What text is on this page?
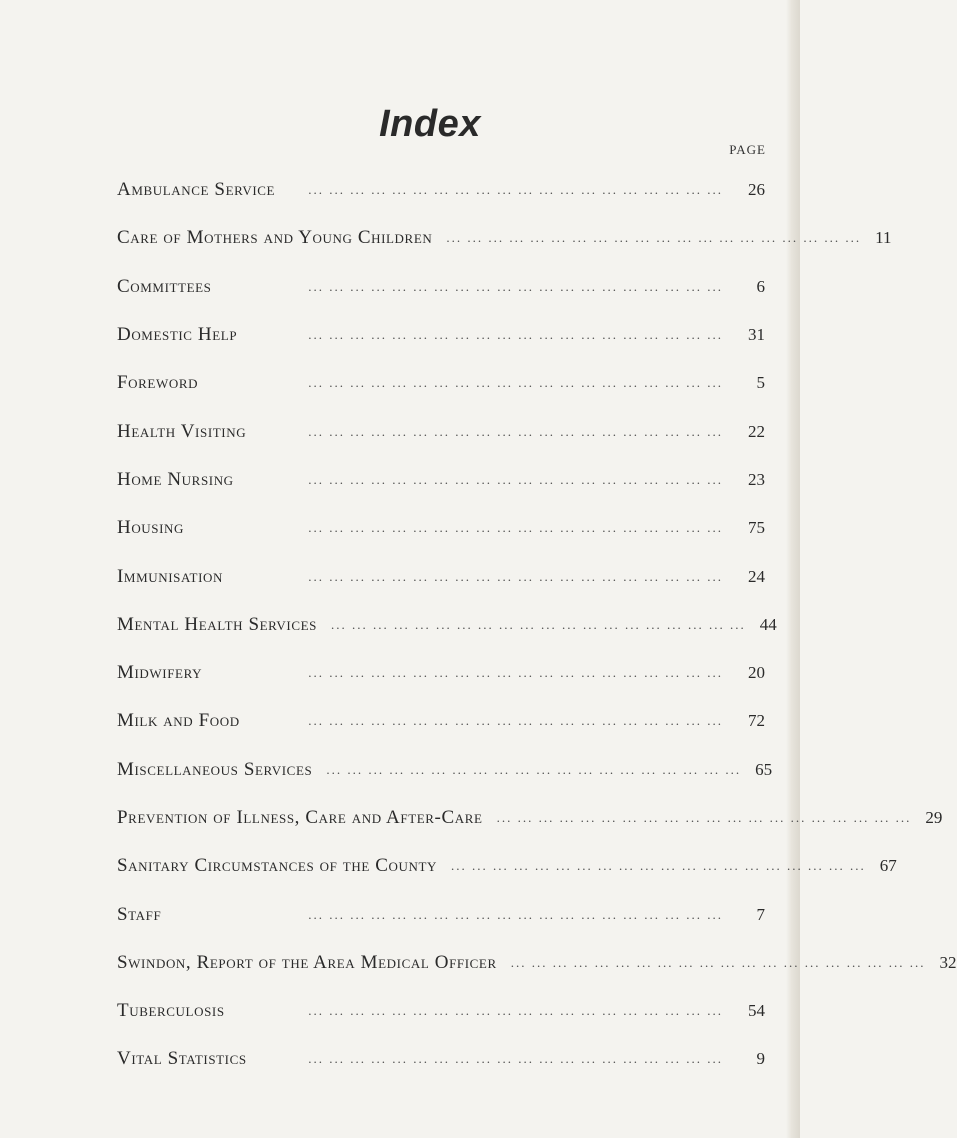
Index
PAGE
Ambulance Service	... ... ... ... ... ... ... ... ... ... ... ... ... ... ... ... ... ... ... ...	26
Care of Mothers and Young Children ... ... ... ... ... ... ... ... ... ... ... ... ... ... ... ... ... ... ... ... 11
Committees	... ... ... ... ... ... ... ... ... ... ... ... ... ... ... ... ... ... ... ...	6
Domestic Help	... ... ... ... ... ... ... ... ... ... ... ... ... ... ... ... ... ... ... ...	31
Foreword	... ... ... ... ... ... ... ... ... ... ... ... ... ... ... ... ... ... ... ...	5
Health Visiting	... ... ... ... ... ... ... ... ... ... ... ... ... ... ... ... ... ... ... ...	22
Home Nursing	... ... ... ... ... ... ... ... ... ... ... ... ... ... ... ... ... ... ... ...	23
Housing	... ... ... ... ... ... ... ... ... ... ... ... ... ... ... ... ... ... ... ...	75
Immunisation	... ... ... ... ... ... ... ... ... ... ... ... ... ... ... ... ... ... ... ...	24
Mental Health Services ... ... ... ... ... ... ... ... ... ... ... ... ... ... ... ... ... ... ... ... 44
Midwifery	... ... ... ... ... ... ... ... ... ... ... ... ... ... ... ... ... ... ... ...	20
Milk and Food	... ... ... ... ... ... ... ... ... ... ... ... ... ... ... ... ... ... ... ...	72
Miscellaneous Services ... ... ... ... ... ... ... ... ... ... ... ... ... ... ... ... ... ... ... ... 65
Prevention of Illness, Care and After-Care ... ... ... ... ... ... ... ... ... ... ... ... ... ... ... ... ... ... ... ... 29
Sanitary Circumstances of the County ... ... ... ... ... ... ... ... ... ... ... ... ... ... ... ... ... ... ... ... 67
Staff	... ... ... ... ... ... ... ... ... ... ... ... ... ... ... ... ... ... ... ...	7
Swindon, Report of the Area Medical Officer ... ... ... ... ... ... ... ... ... ... ... ... ... ... ... ... ... ... ... ... 32
Tuberculosis	... ... ... ... ... ... ... ... ... ... ... ... ... ... ... ... ... ... ... ...	54
Vital Statistics	... ... ... ... ... ... ... ... ... ... ... ... ... ... ... ... ... ... ... ...	9
